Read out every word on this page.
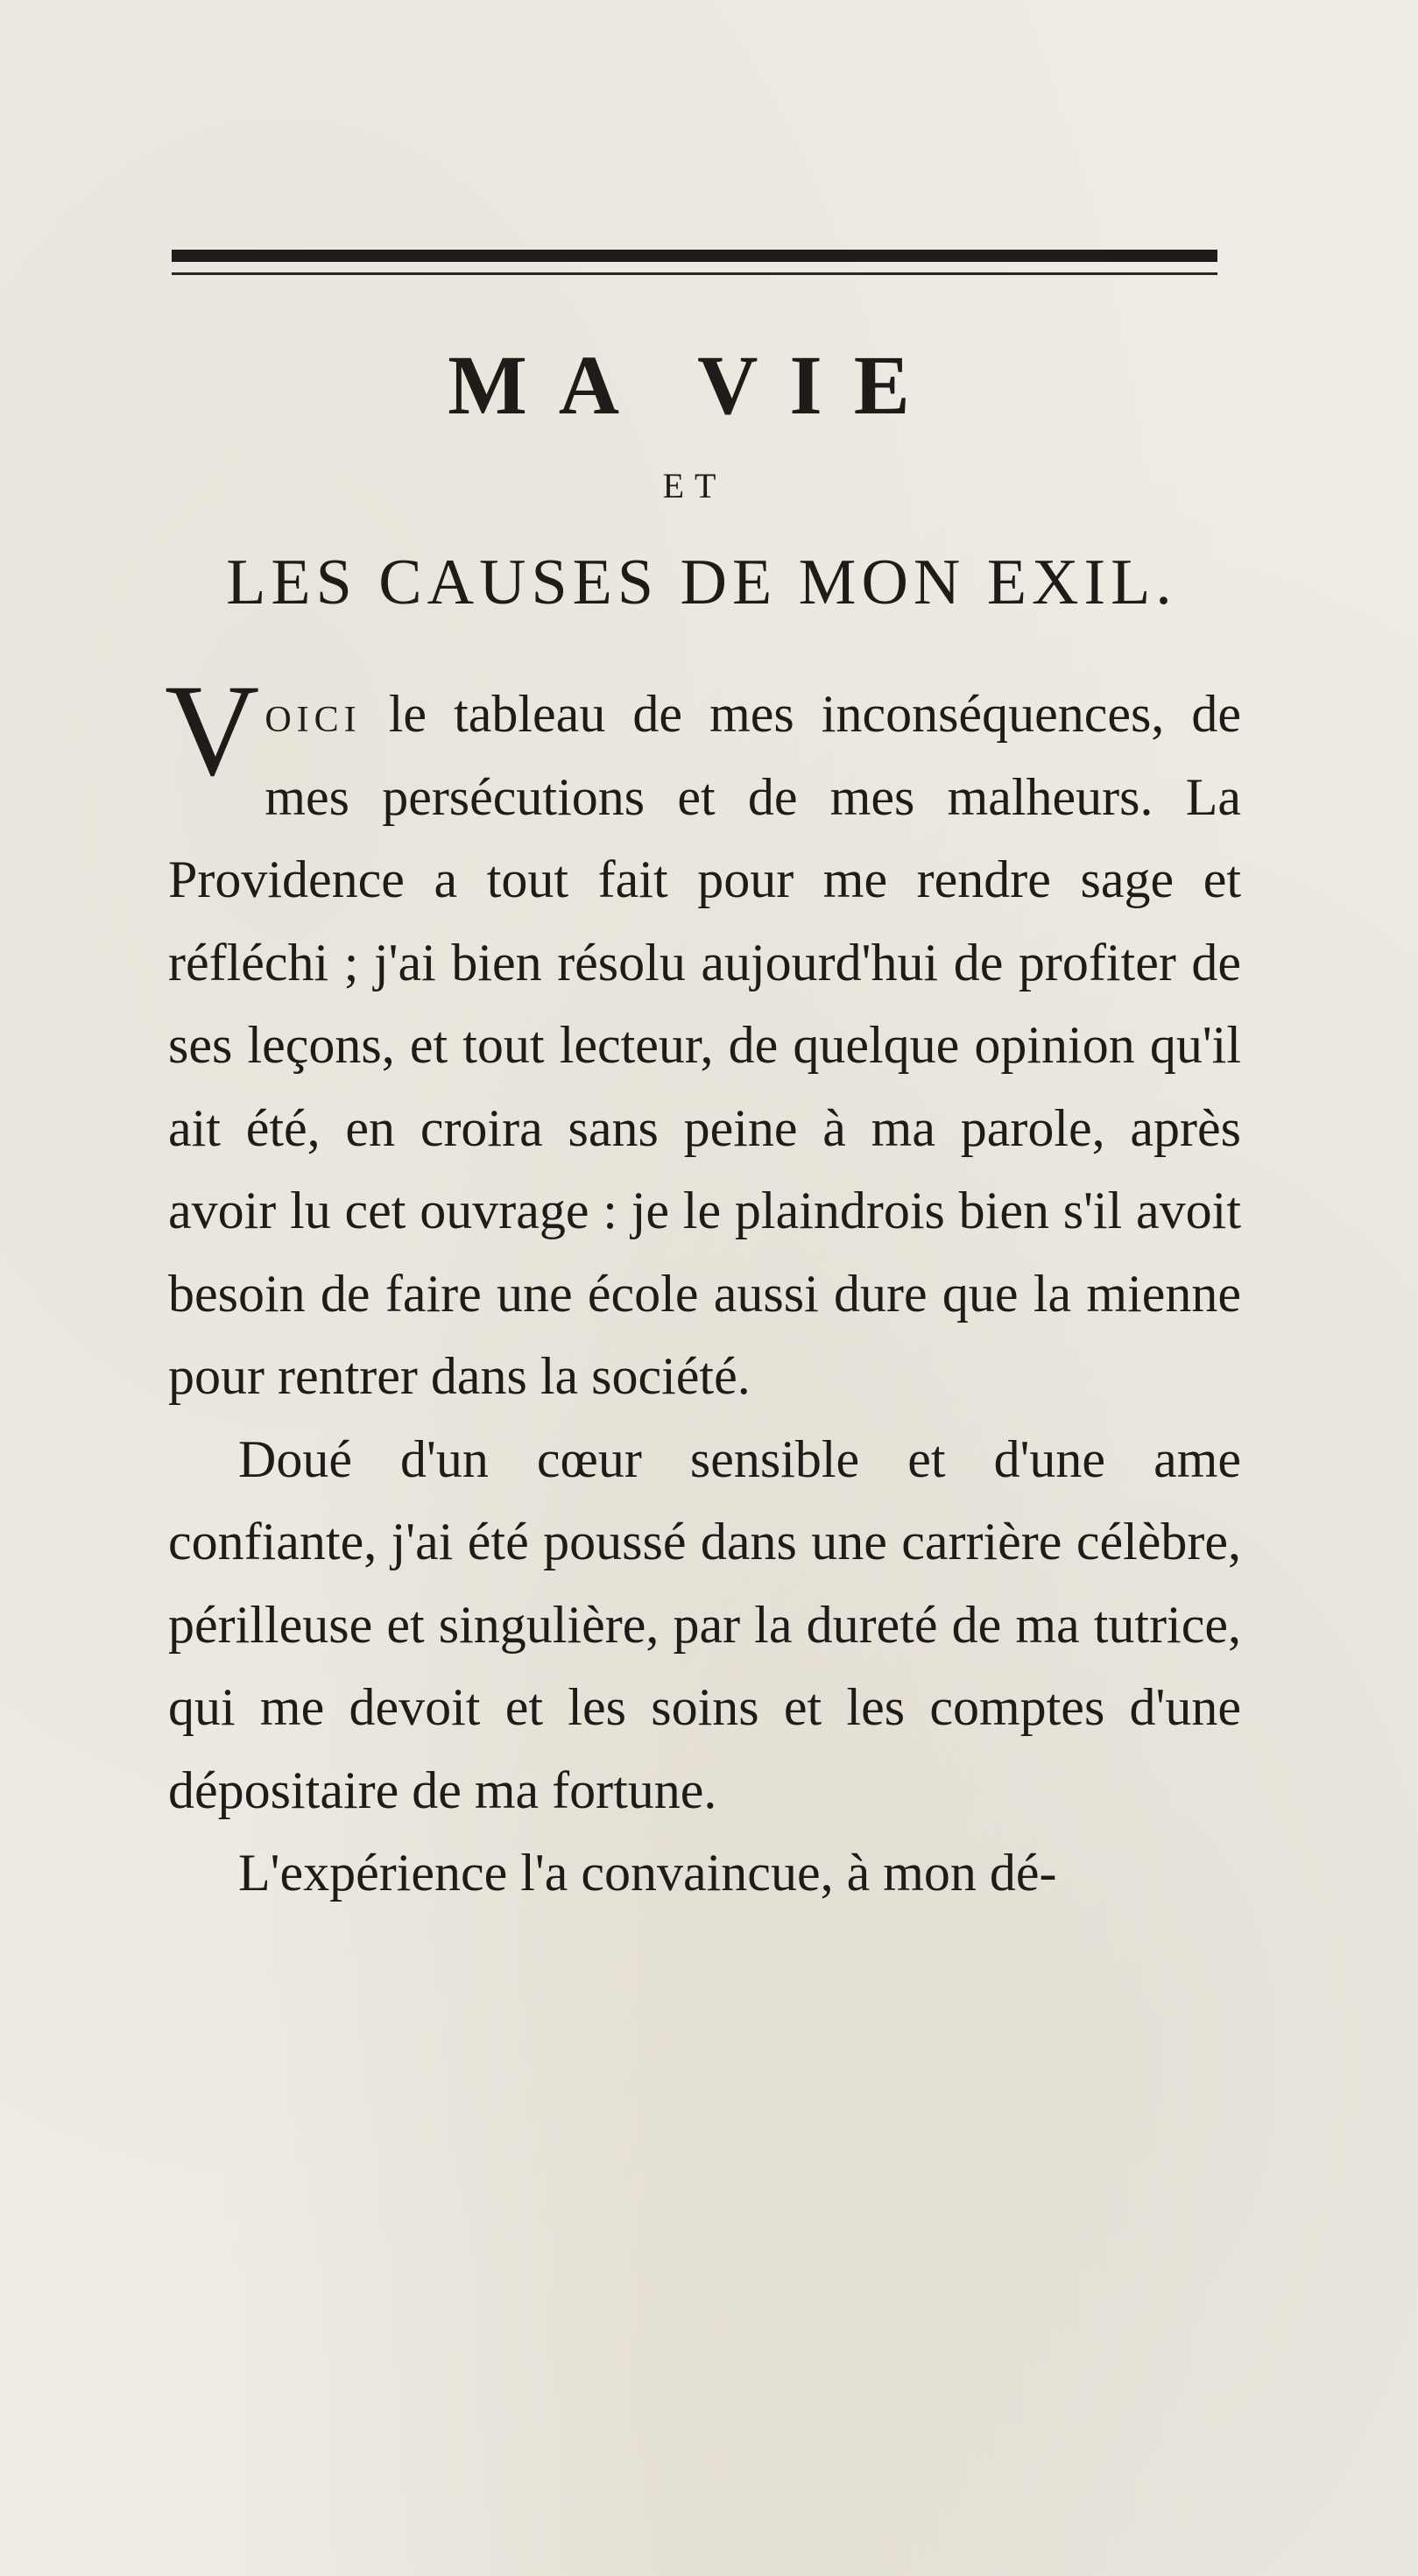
MA VIE
ET
LES CAUSES DE MON EXIL.

Voici le tableau de mes inconséquences, de mes persécutions et de mes malheurs. La Providence a tout fait pour me rendre sage et réfléchi ; j'ai bien résolu aujourd'hui de profiter de ses leçons, et tout lecteur, de quelque opinion qu'il ait été, en croira sans peine à ma parole, après avoir lu cet ouvrage : je le plaindrois bien s'il avoit besoin de faire une école aussi dure que la mienne pour rentrer dans la société.

Doué d'un cœur sensible et d'une ame confiante, j'ai été poussé dans une carrière célèbre, périlleuse et singulière, par la dureté de ma tutrice, qui me devoit et les soins et les comptes d'une dépositaire de ma fortune.

L'expérience l'a convaincue, à mon dé-
